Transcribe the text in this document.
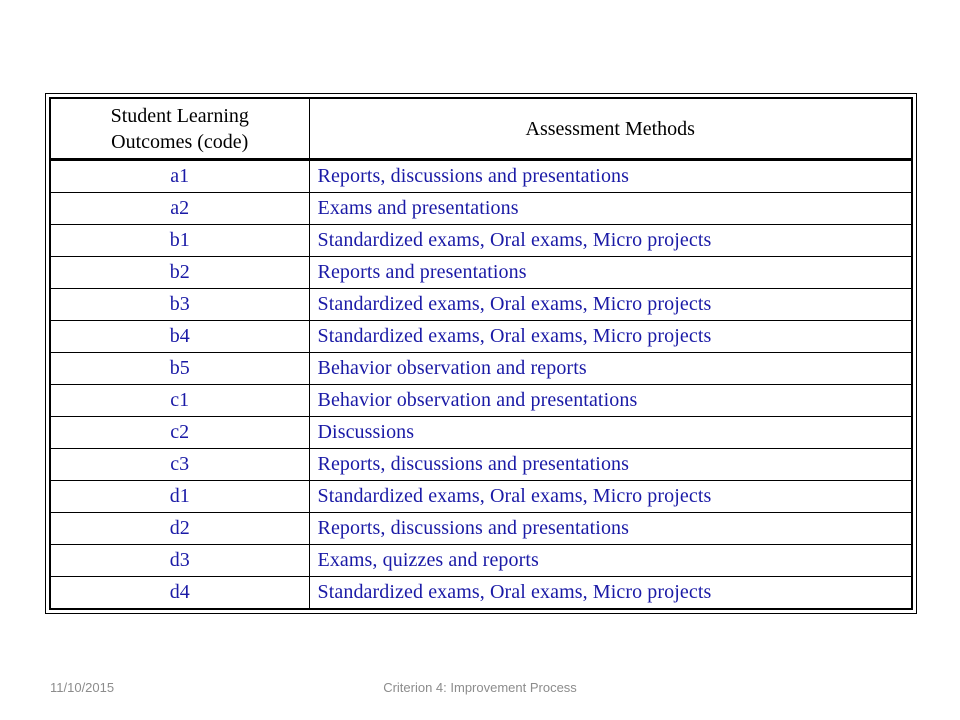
Student Learning Outcomes (code)	Assessment Methods
a1	Reports, discussions and presentations
a2	Exams and presentations
b1	Standardized exams, Oral exams, Micro projects
b2	Reports and presentations
b3	Standardized exams, Oral exams, Micro projects
b4	Standardized exams, Oral exams, Micro projects
b5	Behavior observation and reports
c1	Behavior observation and presentations
c2	Discussions
c3	Reports, discussions and presentations
d1	Standardized exams, Oral exams, Micro projects
d2	Reports, discussions and presentations
d3	Exams, quizzes and reports
d4	Standardized exams, Oral exams, Micro projects
11/10/2015	Criterion 4: Improvement Process
